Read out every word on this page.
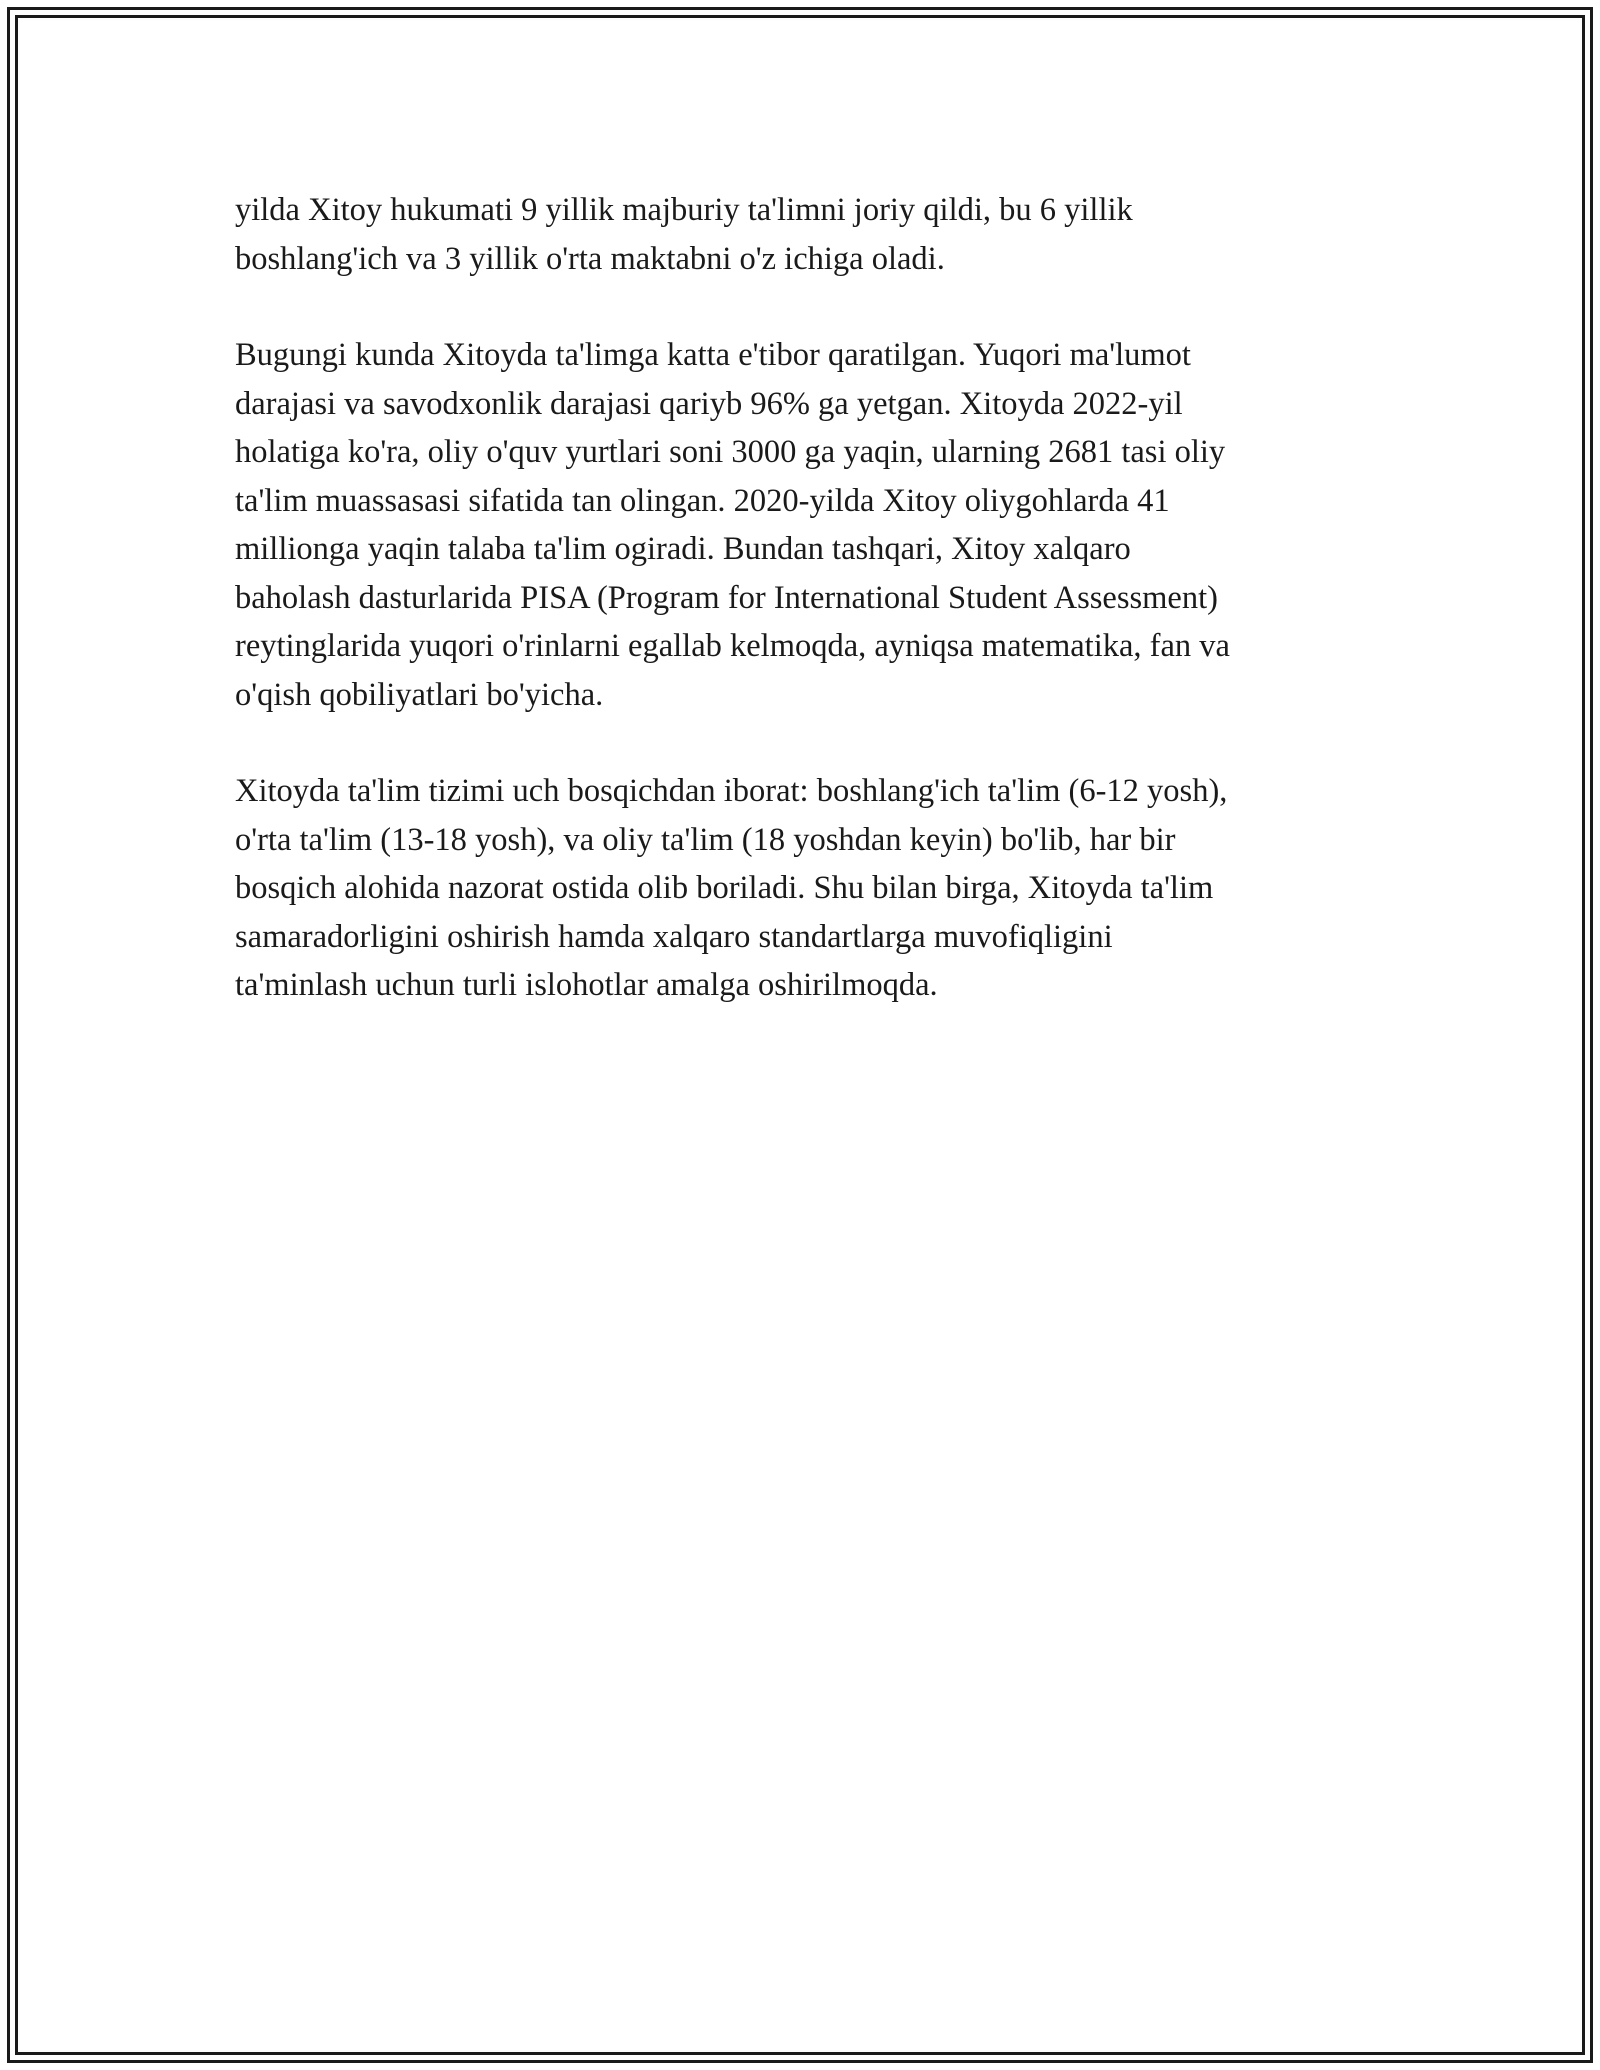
yilda Xitoy hukumati 9 yillik majburiy ta'limni joriy qildi, bu 6 yillik
boshlang'ich va 3 yillik o'rta maktabni o'z ichiga oladi.

Bugungi kunda Xitoyda ta'limga katta e'tibor qaratilgan. Yuqori ma'lumot
darajasi va savodxonlik darajasi qariyb 96% ga yetgan. Xitoyda 2022-yil
holatiga ko'ra, oliy o'quv yurtlari soni 3000 ga yaqin, ularning 2681 tasi oliy
ta'lim muassasasi sifatida tan olingan. 2020-yilda Xitoy oliygohlarda 41
millionga yaqin talaba ta'lim ogiradi. Bundan tashqari, Xitoy xalqaro
baholash dasturlarida PISA (Program for International Student Assessment)
reytinglarida yuqori o'rinlarni egallab kelmoqda, ayniqsa matematika, fan va
o'qish qobiliyatlari bo'yicha.

Xitoyda ta'lim tizimi uch bosqichdan iborat: boshlang'ich ta'lim (6-12 yosh),
o'rta ta'lim (13-18 yosh), va oliy ta'lim (18 yoshdan keyin) bo'lib, har bir
bosqich alohida nazorat ostida olib boriladi. Shu bilan birga, Xitoyda ta'lim
samaradorligini oshirish hamda xalqaro standartlarga muvofiqligini
ta'minlash uchun turli islohotlar amalga oshirilmoqda.
